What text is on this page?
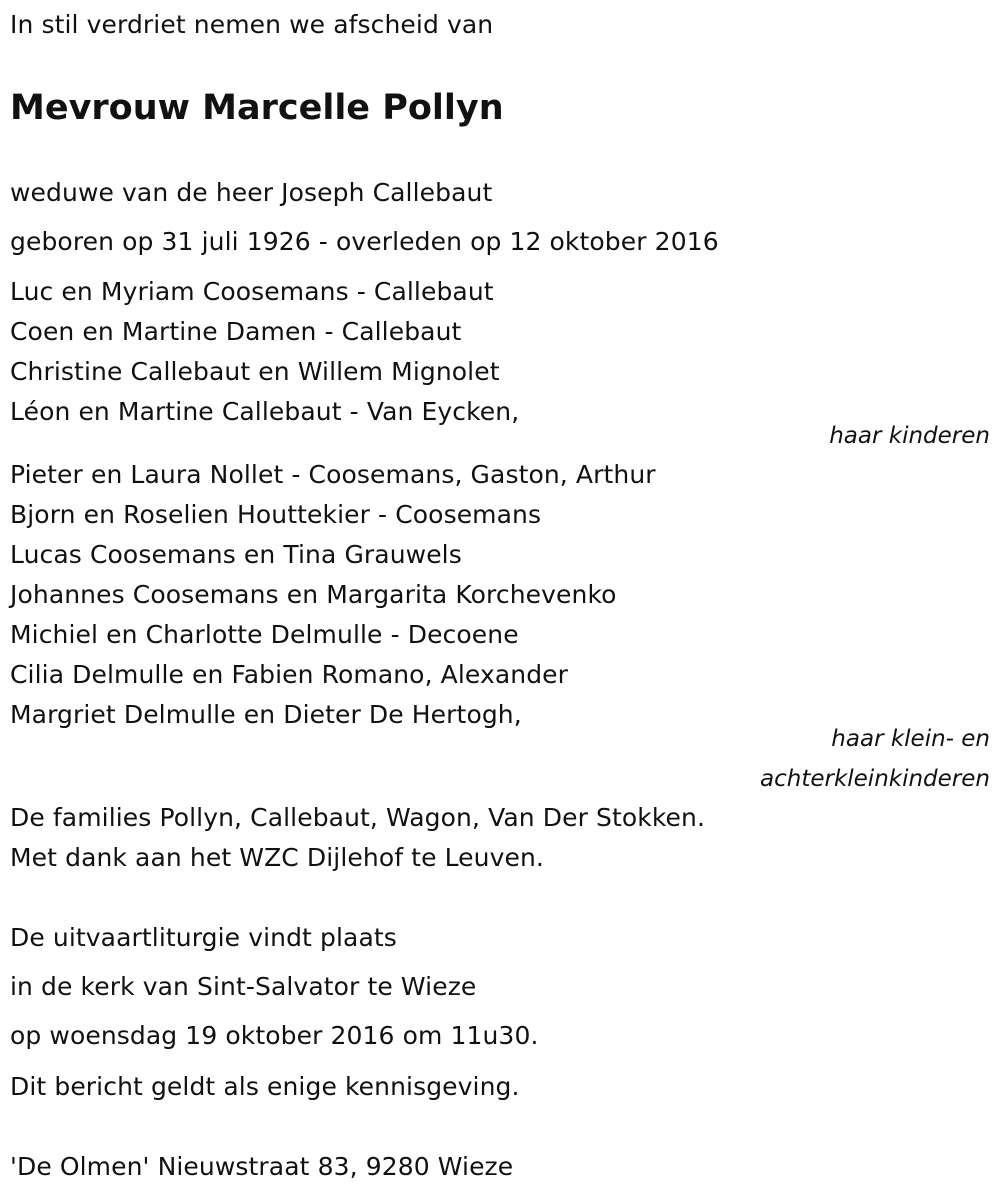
In stil verdriet nemen we afscheid van
Mevrouw Marcelle Pollyn
weduwe van de heer Joseph Callebaut
geboren op 31 juli 1926 - overleden op 12 oktober 2016
Luc en Myriam Coosemans - Callebaut
Coen en Martine Damen - Callebaut
Christine Callebaut en Willem Mignolet
Léon en Martine Callebaut - Van Eycken,
haar kinderen
Pieter en Laura Nollet - Coosemans, Gaston, Arthur
Bjorn en Roselien Houttekier - Coosemans
Lucas Coosemans en Tina Grauwels
Johannes Coosemans en Margarita Korchevenko
Michiel en Charlotte Delmulle - Decoene
Cilia Delmulle en Fabien Romano, Alexander
Margriet Delmulle en Dieter De Hertogh,
haar klein- en
achterkleinkinderen
De families Pollyn, Callebaut, Wagon, Van Der Stokken.
Met dank aan het WZC Dijlehof te Leuven.
De uitvaartliturgie vindt plaats
in de kerk van Sint-Salvator te Wieze
op woensdag 19 oktober 2016 om 11u30.
Dit bericht geldt als enige kennisgeving.
'De Olmen' Nieuwstraat 83, 9280 Wieze
